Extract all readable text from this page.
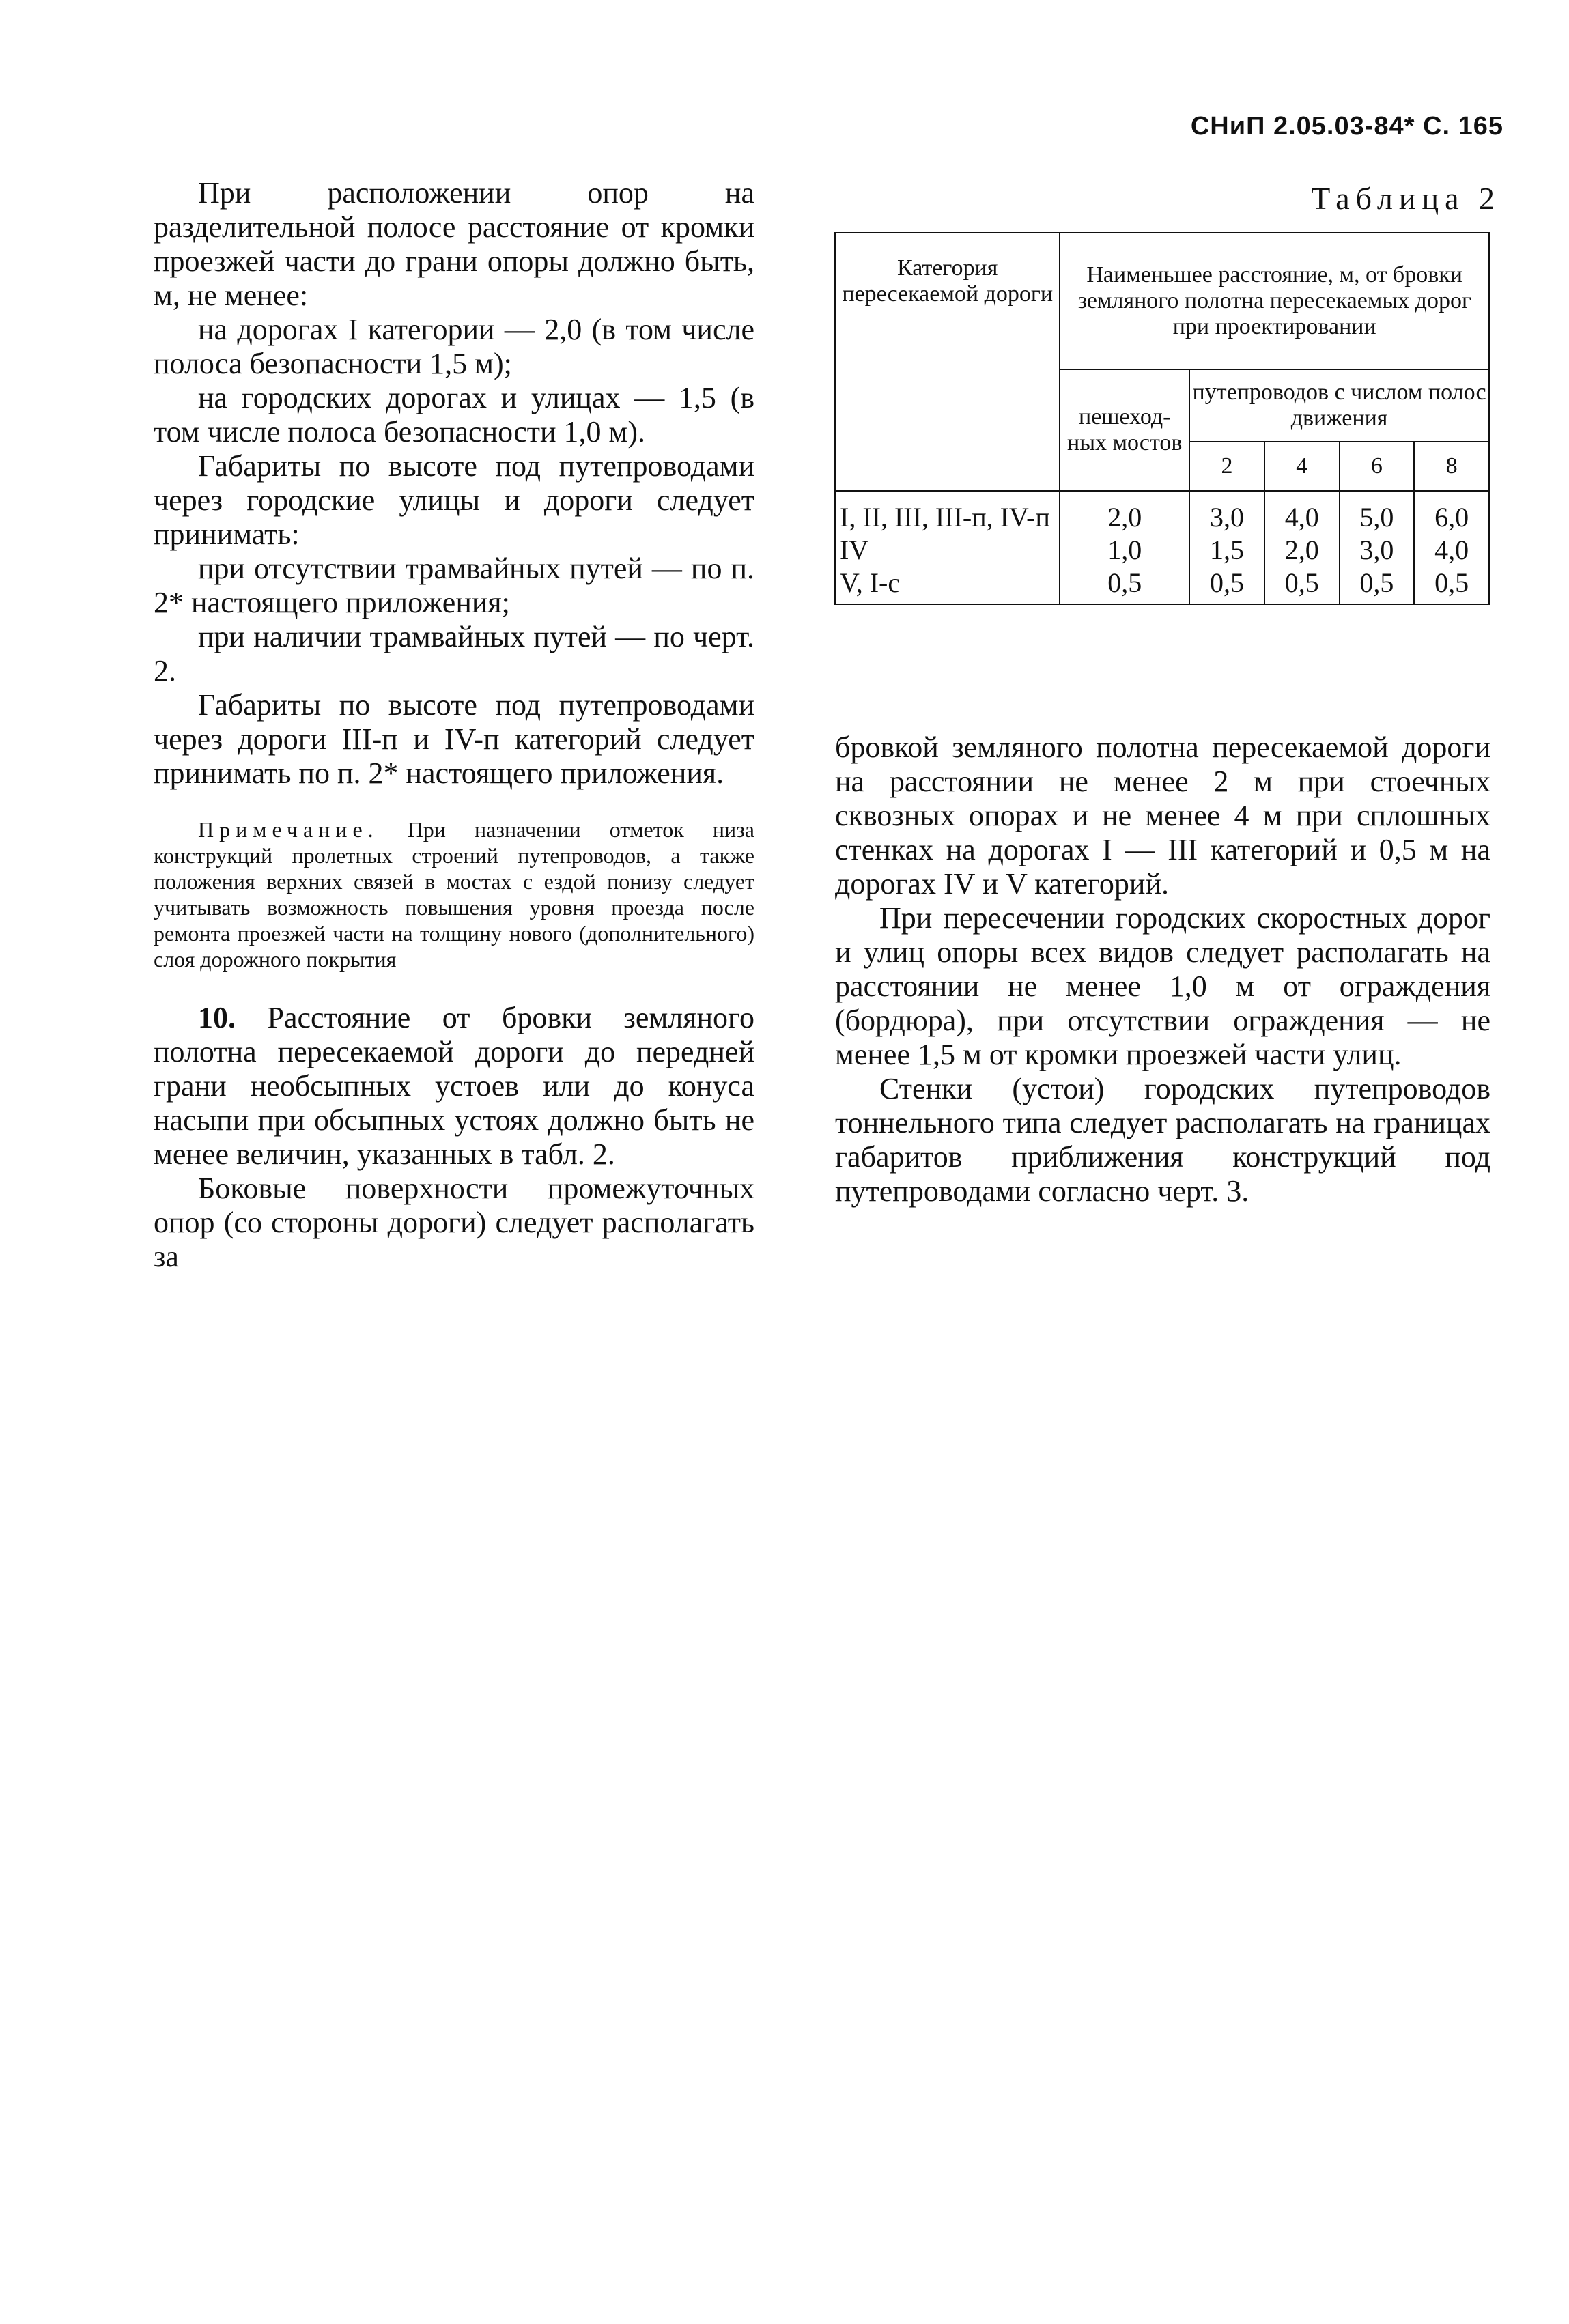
СНиП 2.05.03-84* С. 165

При расположении опор на разделительной полосе расстояние от кромки проезжей части до грани опоры должно быть, м, не менее:

на дорогах I категории — 2,0 (в том числе полоса безопасности 1,5 м);

на городских дорогах и улицах — 1,5 (в том числе полоса безопасности 1,0 м).

Габариты по высоте под путепроводами через городские улицы и дороги следует принимать:

при отсутствии трамвайных путей — по п. 2* настоящего приложения;

при наличии трамвайных путей — по черт. 2.

Габариты по высоте под путепроводами через дороги III-п и IV-п категорий следует принимать по п. 2* настоящего приложения.

Примечание. При назначении отметок низа конструкций пролетных строений путепроводов, а также положения верхних связей в мостах с ездой понизу следует учитывать возможность повышения уровня проезда после ремонта проезжей части на толщину нового (дополнительного) слоя дорожного покрытия

10. Расстояние от бровки земляного полотна пересекаемой дороги до передней грани необсыпных устоев или до конуса насыпи при обсыпных устоях должно быть не менее величин, указанных в табл. 2.

Боковые поверхности промежуточных опор (со стороны дороги) следует располагать за

Таблица 2
Категория пересекаемой дороги	Наименьшее расстояние, м, от бровки земляного полотна пересекаемых дорог при проектировании				
	пешеход-ных мостов	путепроводов с числом полос движения			
		2	4	6	8
I, II, III, III-п, IV-п	2,0	3,0	4,0	5,0	6,0
IV	1,0	1,5	2,0	3,0	4,0
V, I-с	0,5	0,5	0,5	0,5	0,5

бровкой земляного полотна пересекаемой дороги на расстоянии не менее 2 м при стоечных сквозных опорах и не менее 4 м при сплошных стенках на дорогах I — III категорий и 0,5 м на дорогах IV и V категорий.

При пересечении городских скоростных дорог и улиц опоры всех видов следует располагать на расстоянии не менее 1,0 м от ограждения (бордюра), при отсутствии ограждения — не менее 1,5 м от кромки проезжей части улиц.

Стенки (устои) городских путепроводов тоннельного типа следует располагать на границах габаритов приближения конструкций под путепроводами согласно черт. 3.
